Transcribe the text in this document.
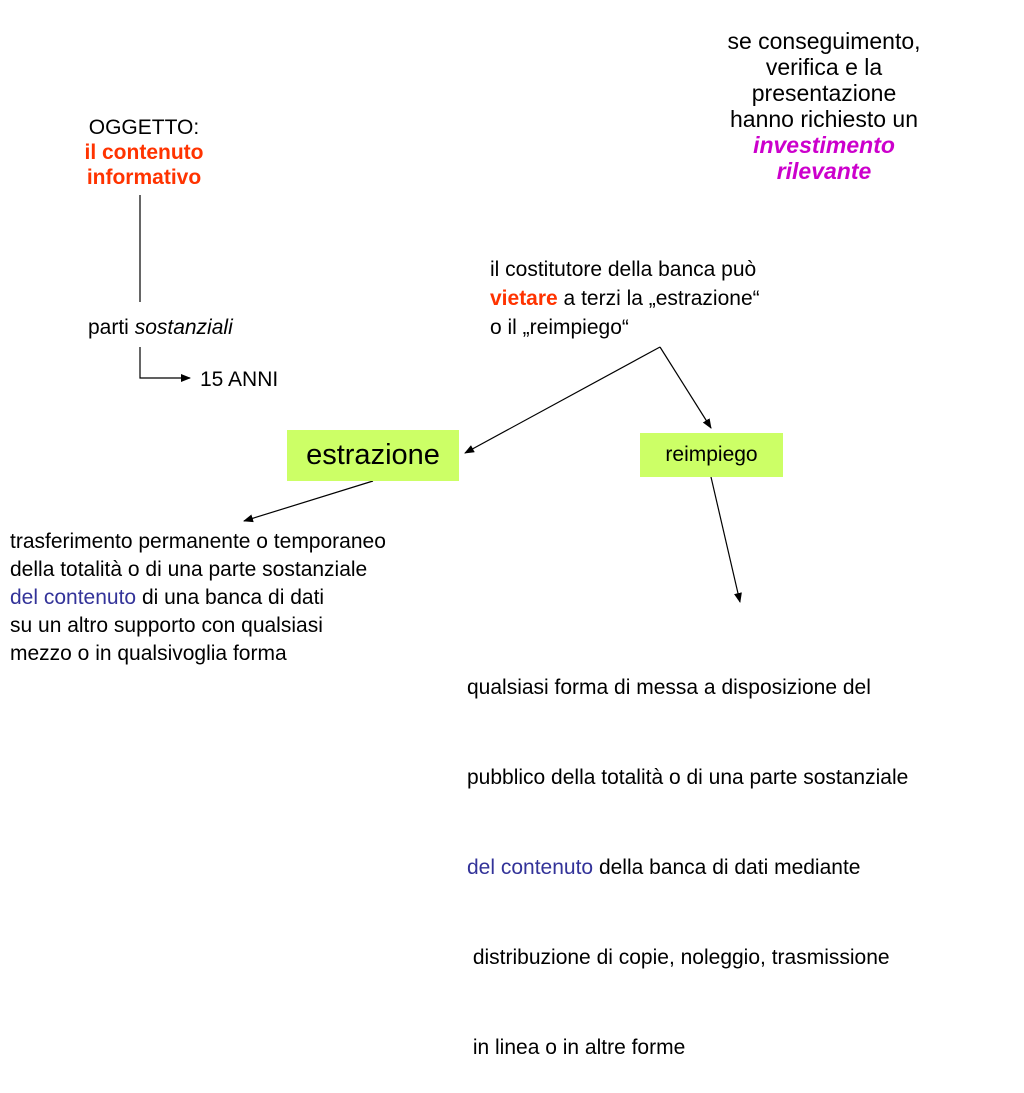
se conseguimento,
verifica e la
presentazione
hanno richiesto un
investimento
rilevante
OGGETTO:
il contenuto
informativo
parti sostanziali
15 ANNI
il costitutore della banca può
vietare a terzi la „estrazione“
o il „reimpiego“
estrazione	reimpiego
trasferimento permanente o temporaneo
della totalità o di una parte sostanziale
del contenuto di una banca di dati
su un altro supporto con qualsiasi
mezzo o in qualsivoglia forma

qualsiasi forma di messa a disposizione del

pubblico della totalità o di una parte sostanziale

del contenuto della banca di dati mediante

distribuzione di copie, noleggio, trasmissione

in linea o in altre forme
